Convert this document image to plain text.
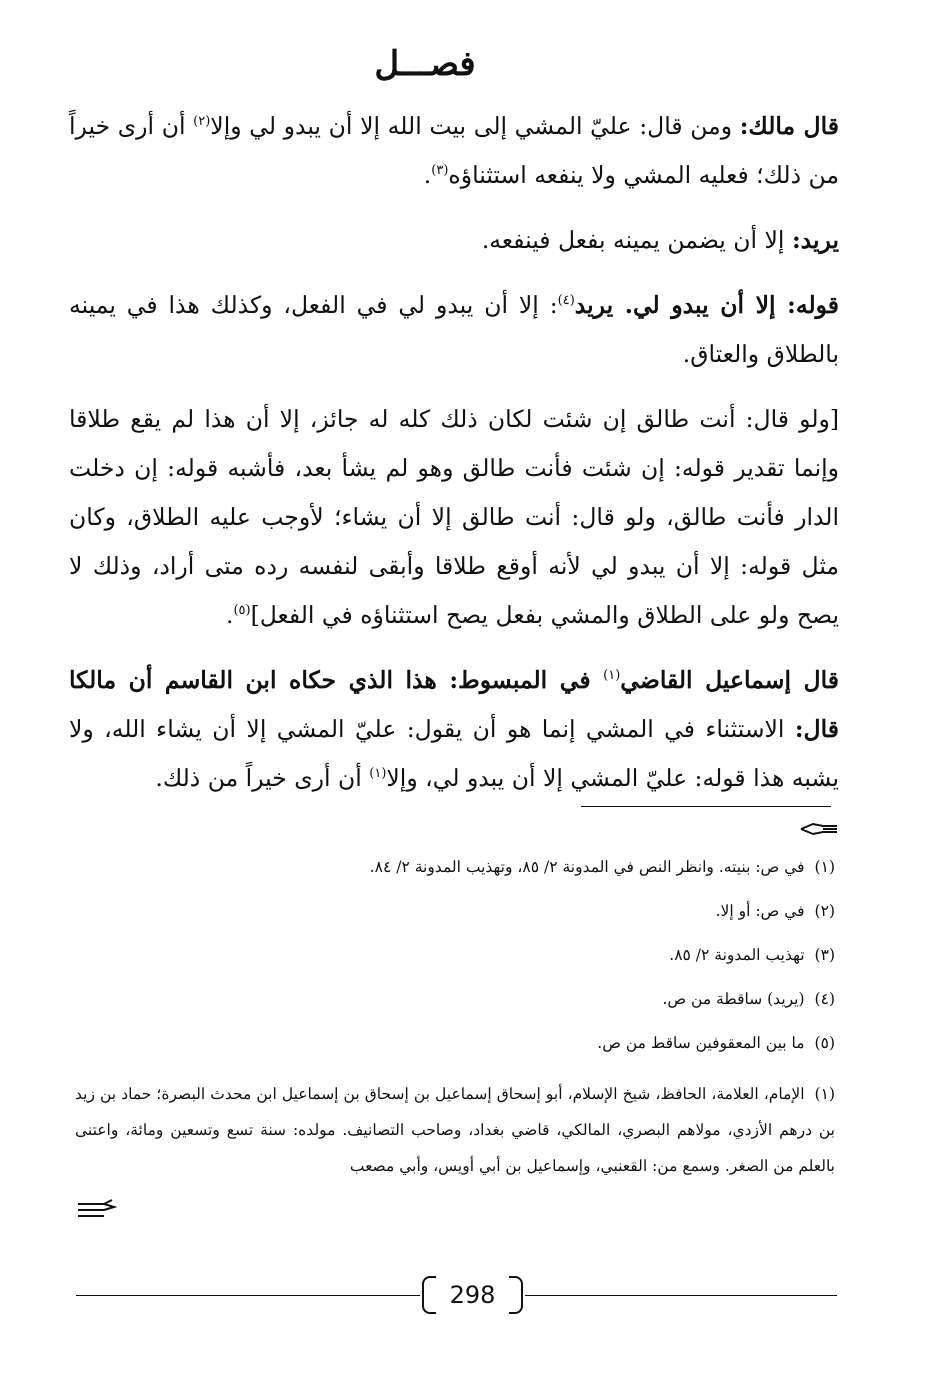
فصـــل

قال مالك: ومن قال: عليّ المشي إلى بيت الله إلا أن يبدو لي وإلا$^{(٢)}$ أن أرى خيراً من ذلك؛ فعليه المشي ولا ينفعه استثناؤه$^{(٣)}$.

يريد: إلا أن يضمن يمينه بفعل فينفعه.

قوله: إلا أن يبدو لي. يريد$^{(٤)}$: إلا أن يبدو لي في الفعل، وكذلك هذا في يمينه بالطلاق والعتاق.

[ولو قال: أنت طالق إن شئت لكان ذلك كله له جائز، إلا أن هذا لم يقع طلاقا وإنما تقدير قوله: إن شئت فأنت طالق وهو لم يشأ بعد، فأشبه قوله: إن دخلت الدار فأنت طالق، ولو قال: أنت طالق إلا أن يشاء؛ لأوجب عليه الطلاق، وكان مثل قوله: إلا أن يبدو لي لأنه أوقع طلاقا وأبقى لنفسه رده متى أراد، وذلك لا يصح ولو على الطلاق والمشي بفعل يصح استثناؤه في الفعل]$^{(٥)}$.

قال إسماعيل القاضي$^{(١)}$ في المبسوط: هذا الذي حكاه ابن القاسم أن مالكا قال: الاستثناء في المشي إنما هو أن يقول: عليّ المشي إلا أن يشاء الله، ولا يشبه هذا قوله: عليّ المشي إلا أن يبدو لي، وإلا$^{(١)}$ أن أرى خيراً من ذلك.

(١)في ص: بنيته. وانظر النص في المدونة ٢/ ٨٥، وتهذيب المدونة ٢/ ٨٤.
(٢)في ص: أو إلا.
(٣)تهذيب المدونة ٢/ ٨٥.
(٤)(يريد) ساقطة من ص.
(٥)ما بين المعقوفين ساقط من ص.
(١)الإمام، العلامة، الحافظ، شيخ الإسلام، أبو إسحاق إسماعيل بن إسحاق بن إسماعيل ابن محدث البصرة؛ حماد بن زيد بن درهم الأزدي، مولاهم البصري، المالكي، قاضي بغداد، وصاحب التصانيف. مولده: سنة تسع وتسعين ومائة، واعتنى بالعلم من الصغر. وسمع من: القعنبي، وإسماعيل بن أبي أويس، وأبي مصعب
298
